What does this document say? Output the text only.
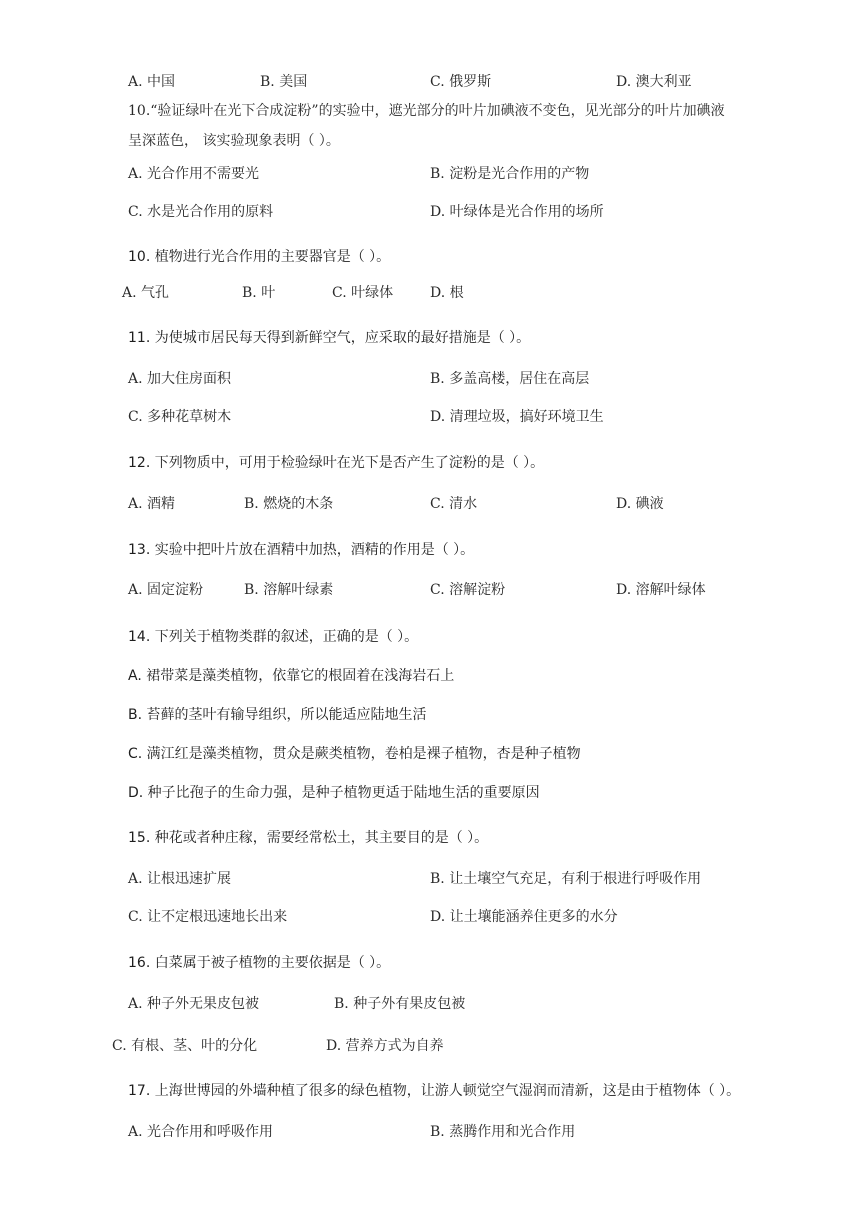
A. 中国	B. 美国	C. 俄罗斯	D. 澳大利亚
10.“验证绿叶在光下合成淀粉”的实验中，遮光部分的叶片加碘液不变色，见光部分的叶片加碘液
呈深蓝色， 该实验现象表明（ ）。
A. 光合作用不需要光	B. 淀粉是光合作用的产物
C. 水是光合作用的原料	D. 叶绿体是光合作用的场所
10. 植物进行光合作用的主要器官是（ ）。
A. 气孔	B. 叶	C. 叶绿体	D. 根
11. 为使城市居民每天得到新鲜空气，应采取的最好措施是（ ）。
A. 加大住房面积	B. 多盖高楼，居住在高层
C. 多种花草树木	D. 清理垃圾，搞好环境卫生
12. 下列物质中，可用于检验绿叶在光下是否产生了淀粉的是（ ）。
A. 酒精	B. 燃烧的木条	C. 清水	D. 碘液
13. 实验中把叶片放在酒精中加热，酒精的作用是（ ）。
A. 固定淀粉	B. 溶解叶绿素	C. 溶解淀粉	D. 溶解叶绿体
14. 下列关于植物类群的叙述，正确的是（ ）。
A. 裙带菜是藻类植物，依靠它的根固着在浅海岩石上
B. 苔藓的茎叶有输导组织，所以能适应陆地生活
C. 满江红是藻类植物，贯众是蕨类植物，卷柏是裸子植物，杏是种子植物
D. 种子比孢子的生命力强，是种子植物更适于陆地生活的重要原因
15. 种花或者种庄稼，需要经常松土，其主要目的是（ ）。
A. 让根迅速扩展	B. 让土壤空气充足，有利于根进行呼吸作用
C. 让不定根迅速地长出来	D. 让土壤能涵养住更多的水分
16. 白菜属于被子植物的主要依据是（ ）。
A. 种子外无果皮包被	B. 种子外有果皮包被
C. 有根、茎、叶的分化	D. 营养方式为自养
17. 上海世博园的外墙种植了很多的绿色植物，让游人顿觉空气湿润而清新，这是由于植物体（ ）。
A. 光合作用和呼吸作用	B. 蒸腾作用和光合作用
